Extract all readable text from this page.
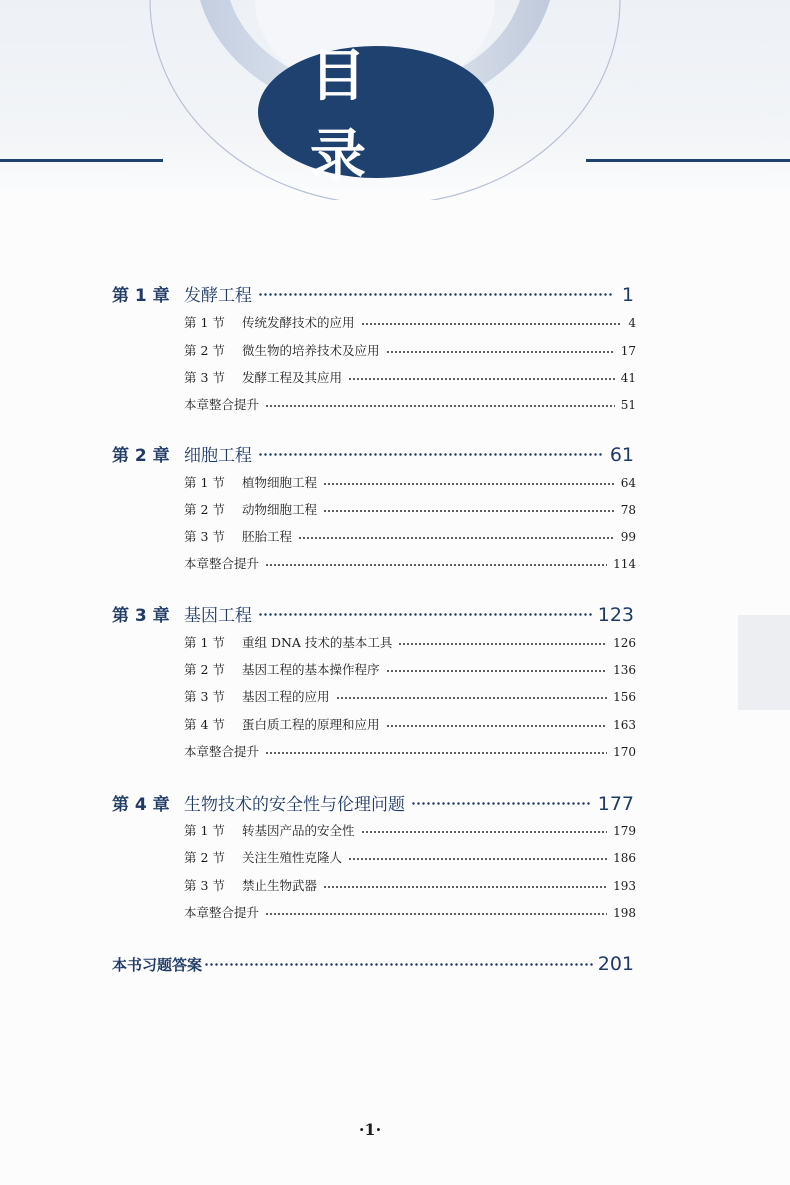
目录
第 1 章 发酵工程	1
第 1 节	传统发酵技术的应用	4
第 2 节	微生物的培养技术及应用	17
第 3 节	发酵工程及其应用	41
本章整合提升	51
第 2 章 细胞工程	61
第 1 节	植物细胞工程	64
第 2 节	动物细胞工程	78
第 3 节	胚胎工程	99
本章整合提升	114
第 3 章 基因工程	123
第 1 节	重组 DNA 技术的基本工具	126
第 2 节	基因工程的基本操作程序	136
第 3 节	基因工程的应用	156
第 4 节	蛋白质工程的原理和应用	163
本章整合提升	170
第 4 章 生物技术的安全性与伦理问题	177
第 1 节	转基因产品的安全性	179
第 2 节	关注生殖性克隆人	186
第 3 节	禁止生物武器	193
本章整合提升	198
本书习题答案	201
·1·
